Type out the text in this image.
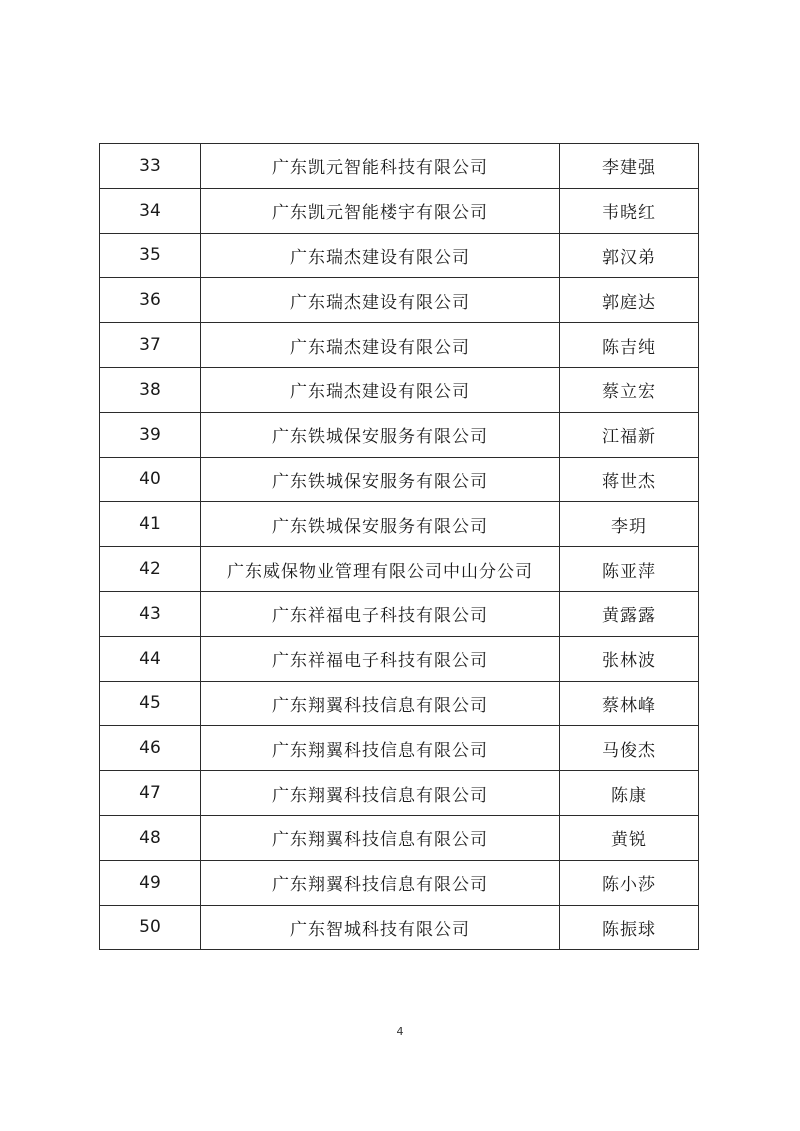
33	广东凯元智能科技有限公司	李建强
34	广东凯元智能楼宇有限公司	韦晓红
35	广东瑞杰建设有限公司	郭汉弟
36	广东瑞杰建设有限公司	郭庭达
37	广东瑞杰建设有限公司	陈吉纯
38	广东瑞杰建设有限公司	蔡立宏
39	广东铁城保安服务有限公司	江福新
40	广东铁城保安服务有限公司	蒋世杰
41	广东铁城保安服务有限公司	李玥
42	广东威保物业管理有限公司中山分公司	陈亚萍
43	广东祥福电子科技有限公司	黄露露
44	广东祥福电子科技有限公司	张林波
45	广东翔翼科技信息有限公司	蔡林峰
46	广东翔翼科技信息有限公司	马俊杰
47	广东翔翼科技信息有限公司	陈康
48	广东翔翼科技信息有限公司	黄锐
49	广东翔翼科技信息有限公司	陈小莎
50	广东智城科技有限公司	陈振球
4
